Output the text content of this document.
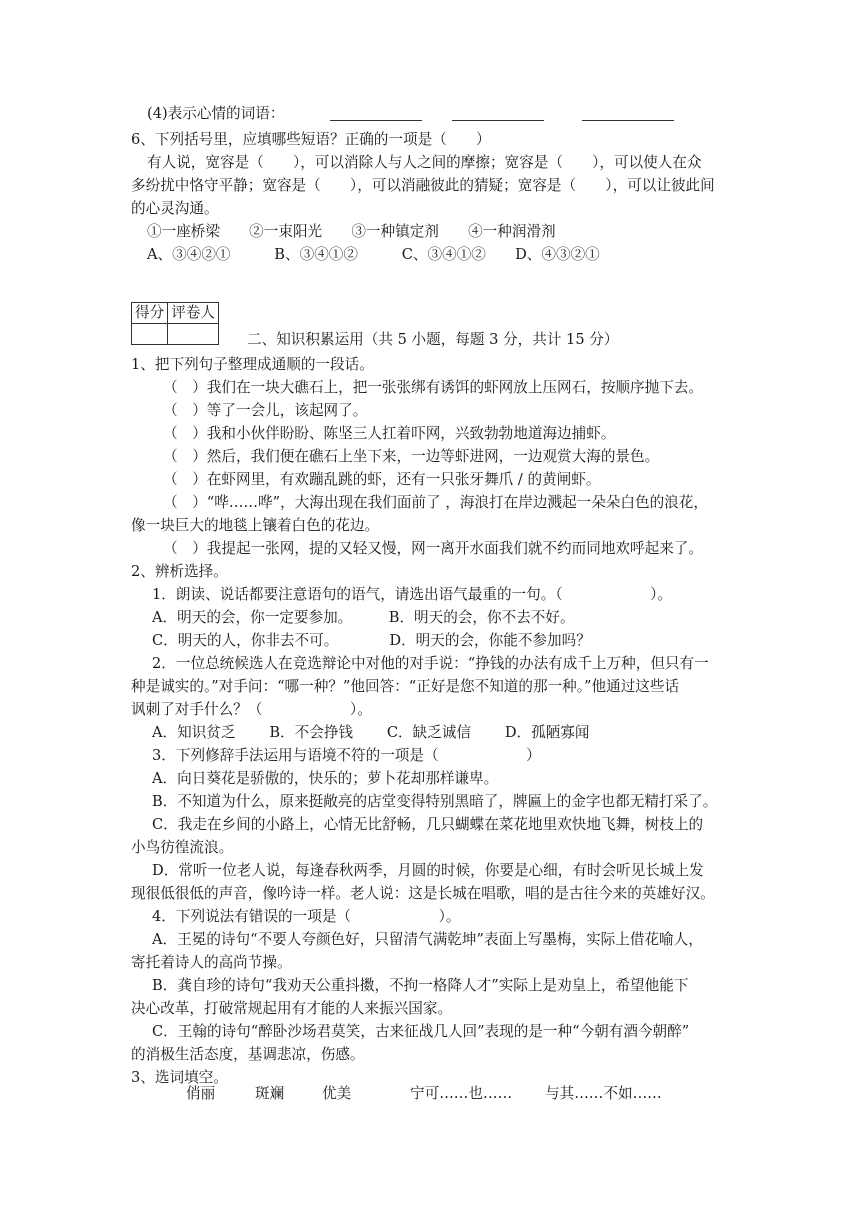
(4)表示心情的词语：
6、下列括号里，应填哪些短语？正确的一项是（　　）
有人说，宽容是（　　），可以消除人与人之间的摩擦；宽容是（　　），可以使人在众
多纷扰中恪守平静；宽容是（　　），可以消融彼此的猜疑；宽容是（　　），可以让彼此间
的心灵沟通。
①一座桥梁　　②一束阳光　　③一种镇定剂　　④一种润滑剂
A、③④②①　　　B、③④①②　　　C、③④①②　　D、④③②①
得分	评卷人

二、知识积累运用（共 5 小题，每题 3 分，共计 15 分）
1、把下列句子整理成通顺的一段话。
（　）我们在一块大礁石上，把一张张绑有诱饵的虾网放上压网石，按顺序抛下去。
（　）等了一会儿，该起网了。
（　）我和小伙伴盼盼、陈坚三人扛着吓网，兴致勃勃地道海边捕虾。
（　）然后，我们便在礁石上坐下来，一边等虾进网，一边观赏大海的景色。
（　）在虾网里，有欢蹦乱跳的虾，还有一只张牙舞爪 / 的黄闸虾。
（　）“哗……哗”，大海出现在我们面前了 ，海浪打在岸边溅起一朵朵白色的浪花，
像一块巨大的地毯上镶着白色的花边。
（　）我提起一张网，提的又轻又慢，网一离开水面我们就不约而同地欢呼起来了。
2、辨析选择。
1．朗读、说话都要注意语句的语气，请选出语气最重的一句。（　　　　　　）。
A．明天的会，你一定要参加。　　　B．明天的会，你不去不好。
C．明天的人，你非去不可。　　　　D．明天的会，你能不参加吗？
2．一位总统候选人在竞选辩论中对他的对手说：“挣钱的办法有成千上万种，但只有一
种是诚实的。”对手问：“哪一种？”他回答：“正好是您不知道的那一种。”他通过这些话
讽刺了对手什么？（　　　　　　）。
A．知识贫乏　　 B．不会挣钱　　 C．缺乏诚信　　 D．孤陋寡闻
3．下列修辞手法运用与语境不符的一项是（　　　　　　）
A．向日葵花是骄傲的，快乐的；萝卜花却那样谦卑。
B．不知道为什么，原来挺敞亮的店堂变得特别黑暗了，牌匾上的金字也都无精打采了。
C．我走在乡间的小路上，心情无比舒畅，几只蝴蝶在菜花地里欢快地飞舞，树枝上的
小鸟彷徨流浪。
D．常听一位老人说，每逢春秋两季，月圆的时候，你要是心细，有时会听见长城上发
现很低很低的声音，像吟诗一样。老人说：这是长城在唱歌，唱的是古往今来的英雄好汉。
4．下列说法有错误的一项是（　　　　　　）。
A．王冕的诗句“不要人夸颜色好，只留清气满乾坤”表面上写墨梅，实际上借花喻人，
寄托着诗人的高尚节操。
B．龚自珍的诗句“我劝天公重抖擞，不拘一格降人才”实际上是劝皇上，希望他能下
决心改革，打破常规起用有才能的人来振兴国家。
C．王翰的诗句“醉卧沙场君莫笑，古来征战几人回”表现的是一种“今朝有酒今朝醉”
的消极生活态度，基调悲凉，伤感。
3、选词填空。
俏丽	斑斓	优美	宁可……也…… 与其……不如……
